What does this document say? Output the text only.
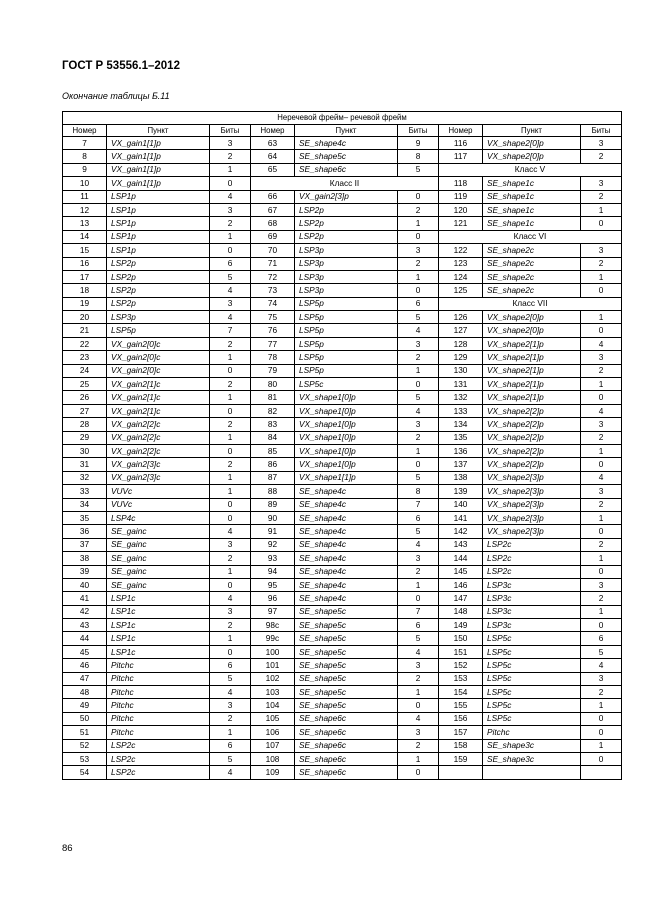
ГОСТ Р 53556.1–2012
Окончание таблицы Б.11
Неречевой фрейм– речевой фрейм								
Номер	Пункт	Биты	Номер	Пункт	Биты	Номер	Пункт	Биты
7	VX_gain1[1]p	3	63	SE_shape4c	9	116	VX_shape2[0]p	3
8	VX_gain1[1]p	2	64	SE_shape5c	8	117	VX_shape2[0]p	2
9	VX_gain1[1]p	1	65	SE_shape6c	5	Класс V		
10	VX_gain1[1]p	0	Класс II			118	SE_shape1c	3
11	LSP1p	4	66	VX_gain2[3]p	0	119	SE_shape1c	2
12	LSP1p	3	67	LSP2p	2	120	SE_shape1c	1
13	LSP1p	2	68	LSP2p	1	121	SE_shape1c	0
14	LSP1p	1	69	LSP2p	0	Класс VI		
15	LSP1p	0	70	LSP3p	3	122	SE_shape2c	3
16	LSP2p	6	71	LSP3p	2	123	SE_shape2c	2
17	LSP2p	5	72	LSP3p	1	124	SE_shape2c	1
18	LSP2p	4	73	LSP3p	0	125	SE_shape2c	0
19	LSP2p	3	74	LSP5p	6	Класс VII		
20	LSP3p	4	75	LSP5p	5	126	VX_shape2[0]p	1
21	LSP5p	7	76	LSP5p	4	127	VX_shape2[0]p	0
22	VX_gain2[0]c	2	77	LSP5p	3	128	VX_shape2[1]p	4
23	VX_gain2[0]c	1	78	LSP5p	2	129	VX_shape2[1]p	3
24	VX_gain2[0]c	0	79	LSP5p	1	130	VX_shape2[1]p	2
25	VX_gain2[1]c	2	80	LSP5c	0	131	VX_shape2[1]p	1
26	VX_gain2[1]c	1	81	VX_shape1[0]p	5	132	VX_shape2[1]p	0
27	VX_gain2[1]c	0	82	VX_shape1[0]p	4	133	VX_shape2[2]p	4
28	VX_gain2[2]c	2	83	VX_shape1[0]p	3	134	VX_shape2[2]p	3
29	VX_gain2[2]c	1	84	VX_shape1[0]p	2	135	VX_shape2[2]p	2
30	VX_gain2[2]c	0	85	VX_shape1[0]p	1	136	VX_shape2[2]p	1
31	VX_gain2[3]c	2	86	VX_shape1[0]p	0	137	VX_shape2[2]p	0
32	VX_gain2[3]c	1	87	VX_shape1[1]p	5	138	VX_shape2[3]p	4
33	VUVc	1	88	SE_shape4c	8	139	VX_shape2[3]p	3
34	VUVc	0	89	SE_shape4c	7	140	VX_shape2[3]p	2
35	LSP4c	0	90	SE_shape4c	6	141	VX_shape2[3]p	1
36	SE_gainc	4	91	SE_shape4c	5	142	VX_shape2[3]p	0
37	SE_gainc	3	92	SE_shape4c	4	143	LSP2c	2
38	SE_gainc	2	93	SE_shape4c	3	144	LSP2c	1
39	SE_gainc	1	94	SE_shape4c	2	145	LSP2c	0
40	SE_gainc	0	95	SE_shape4c	1	146	LSP3c	3
41	LSP1c	4	96	SE_shape4c	0	147	LSP3c	2
42	LSP1c	3	97	SE_shape5c	7	148	LSP3c	1
43	LSP1c	2	98c	SE_shape5c	6	149	LSP3c	0
44	LSP1c	1	99c	SE_shape5c	5	150	LSP5c	6
45	LSP1c	0	100	SE_shape5c	4	151	LSP5c	5
46	Pitchc	6	101	SE_shape5c	3	152	LSP5c	4
47	Pitchc	5	102	SE_shape5c	2	153	LSP5c	3
48	Pitchc	4	103	SE_shape5c	1	154	LSP5c	2
49	Pitchc	3	104	SE_shape5c	0	155	LSP5c	1
50	Pitchc	2	105	SE_shape6c	4	156	LSP5c	0
51	Pitchc	1	106	SE_shape6c	3	157	Pitchc	0
52	LSP2c	6	107	SE_shape6c	2	158	SE_shape3c	1
53	LSP2c	5	108	SE_shape6c	1	159	SE_shape3c	0
54	LSP2c	4	109	SE_shape6c	0			
86
